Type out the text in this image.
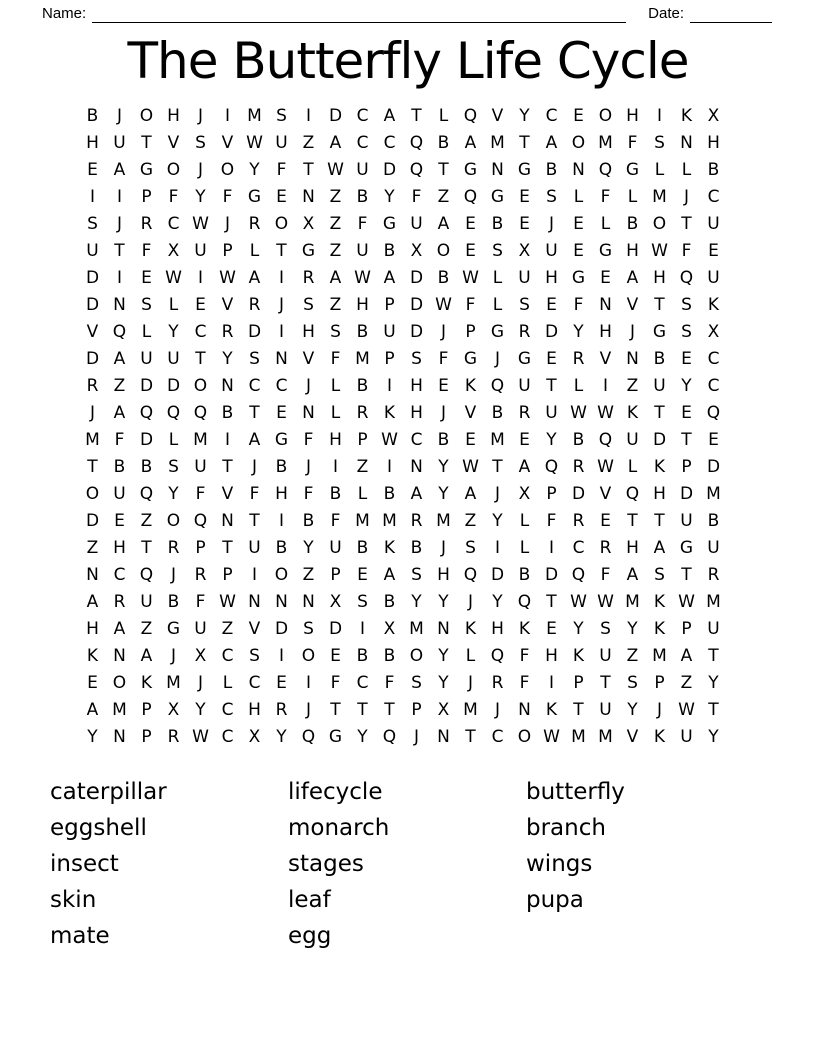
Name:	Date:
The Butterfly Life Cycle
B	J	O H	J	I	M S	I	D C A T	L Q V Y C E O H	I	K X
H U T V S V W U Z A C C Q B A M T A O M F S N H
E A G O	J	O Y F T W U D Q T G N G B N Q G L	L B
I	I	P F Y F G E N Z B Y F Z Q G E S L	F	L M	J	C
S	J	R C W J	R O X Z F G U A E B E	J	E L B O T U
U T F X U P	L	T G Z U B X O E S X U E G H W F E
D	I	E W I W A	I	R A W A D B W L U H G E A H Q U
D N S L E V R	J	S Z H P D W F	L S E F N V T S K
V Q L	Y C R D	I	H S B U D	J	P G R D Y H	J	G S X
D A U U T Y S N V F M P S F G	J	G E R V N B E C
R Z D D O N C C	J	L B	I	H E K Q U T	L	I	Z U Y C
J	A Q Q Q B T E N L R K H	J	V B R U W W K T E Q
M F D L M	I	A G F H P W C B E M E Y B Q U D T E
T B B S U T	J	B	J	I	Z	I	N Y W T A Q R W L K P D
O U Q Y F V F H F B L B A Y A	J	X P D V Q H D M
D E Z O Q N T	I	B F M M R M Z Y	L	F R E T T U B
Z H T R P T U B Y U B K B	J	S	I	L	I	C R H A G U
N C Q	J	R P	I	O Z P E A S H Q D B D Q F A S T R
A R U B F W N N N X S B Y Y	J	Y Q T W W M K W M
H A Z G U Z V D S D	I	X M N K H K E Y S Y K P U
K N A	J	X C S	I	O E B B O Y	L Q F H K U Z M A T
E O K M	J	L C E	I	F C F S Y	J	R F	I	P T S P Z Y
A M P X Y C H R	J	T T T P X M	J	N K T U Y	J W T
Y N P R W C X Y Q G Y Q	J	N T C O W M M V K U Y
caterpillar
eggshell
insect
skin
mate
lifecycle
monarch
stages
leaf
egg
butterfly
branch
wings
pupa
